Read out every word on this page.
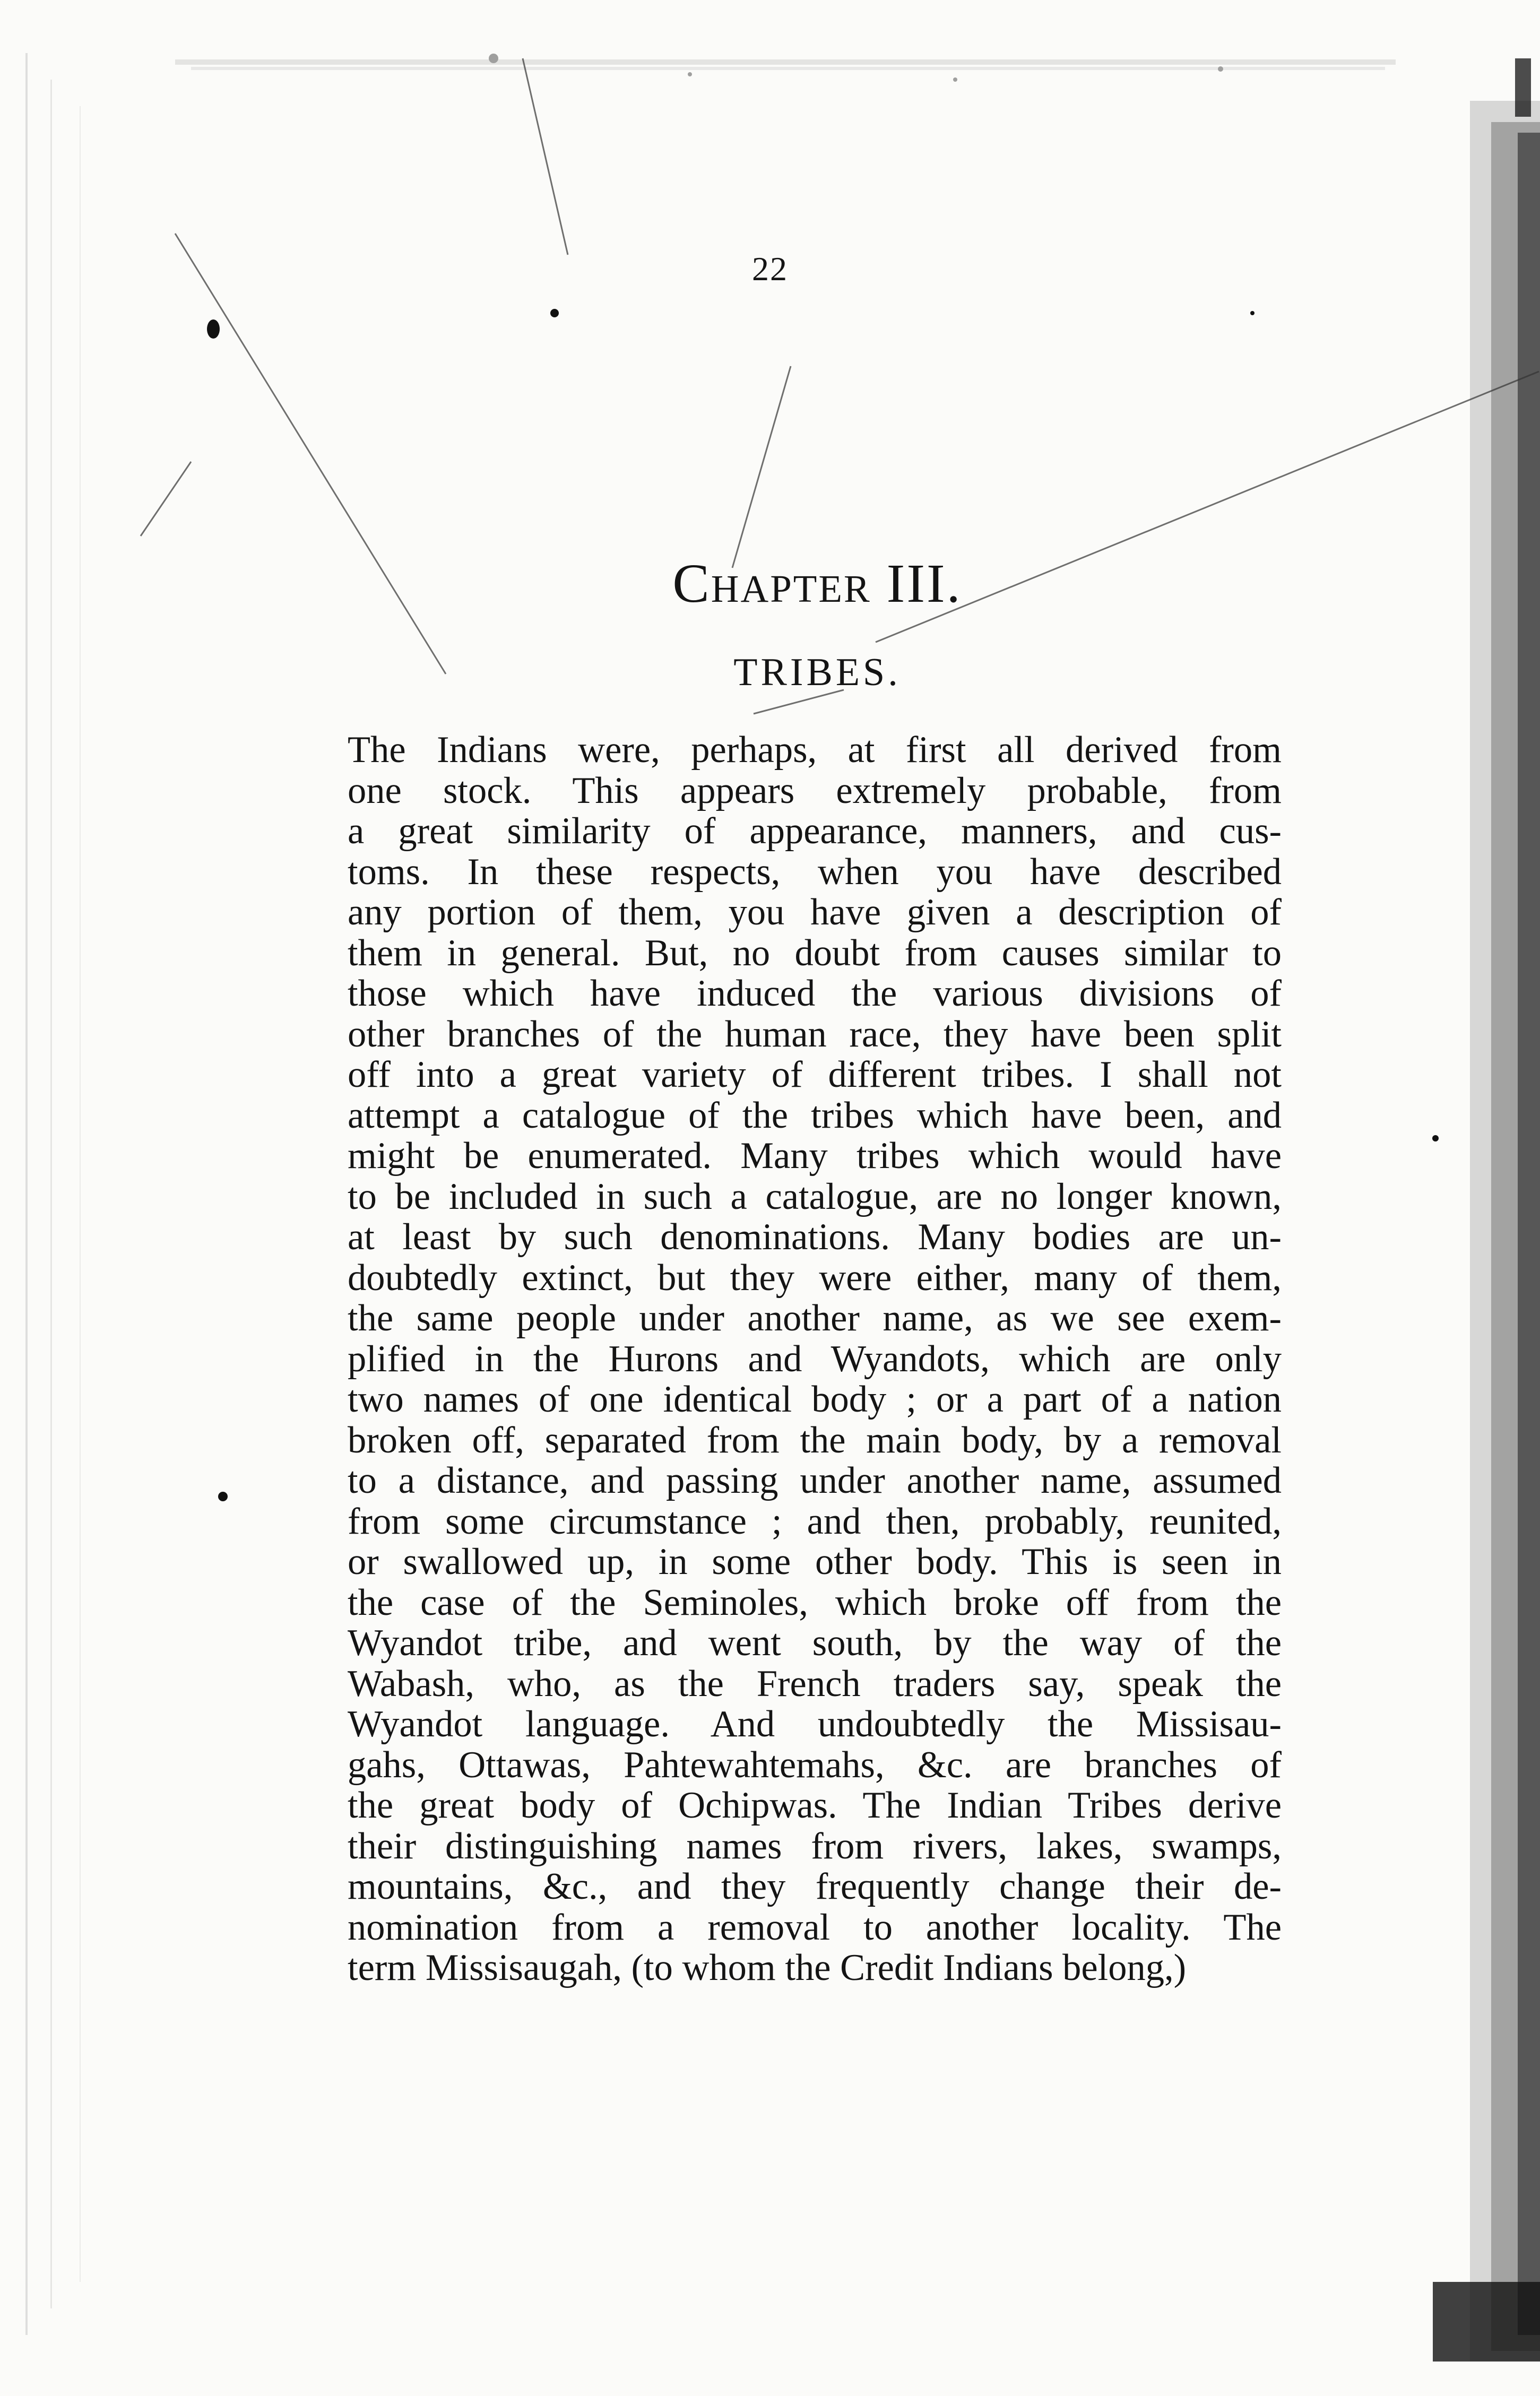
22
Chapter III.
TRIBES.
The Indians were, perhaps, at first all derived from
one stock. This appears extremely probable, from
a great similarity of appearance, manners, and cus-
toms. In these respects, when you have described
any portion of them, you have given a description of
them in general. But, no doubt from causes similar to
those which have induced the various divisions of
other branches of the human race, they have been split
off into a great variety of different tribes. I shall not
attempt a catalogue of the tribes which have been, and
might be enumerated. Many tribes which would have
to be included in such a catalogue, are no longer known,
at least by such denominations. Many bodies are un-
doubtedly extinct, but they were either, many of them,
the same people under another name, as we see exem-
plified in the Hurons and Wyandots, which are only
two names of one identical body ; or a part of a nation
broken off, separated from the main body, by a removal
to a distance, and passing under another name, assumed
from some circumstance ; and then, probably, reunited,
or swallowed up, in some other body. This is seen in
the case of the Seminoles, which broke off from the
Wyandot tribe, and went south, by the way of the
Wabash, who, as the French traders say, speak the
Wyandot language. And undoubtedly the Missisau-
gahs, Ottawas, Pahtewahtemahs, &c. are branches of
the great body of Ochipwas. The Indian Tribes derive
their distinguishing names from rivers, lakes, swamps,
mountains, &c., and they frequently change their de-
nomination from a removal to another locality. The
term Missisaugah, (to whom the Credit Indians belong,)
